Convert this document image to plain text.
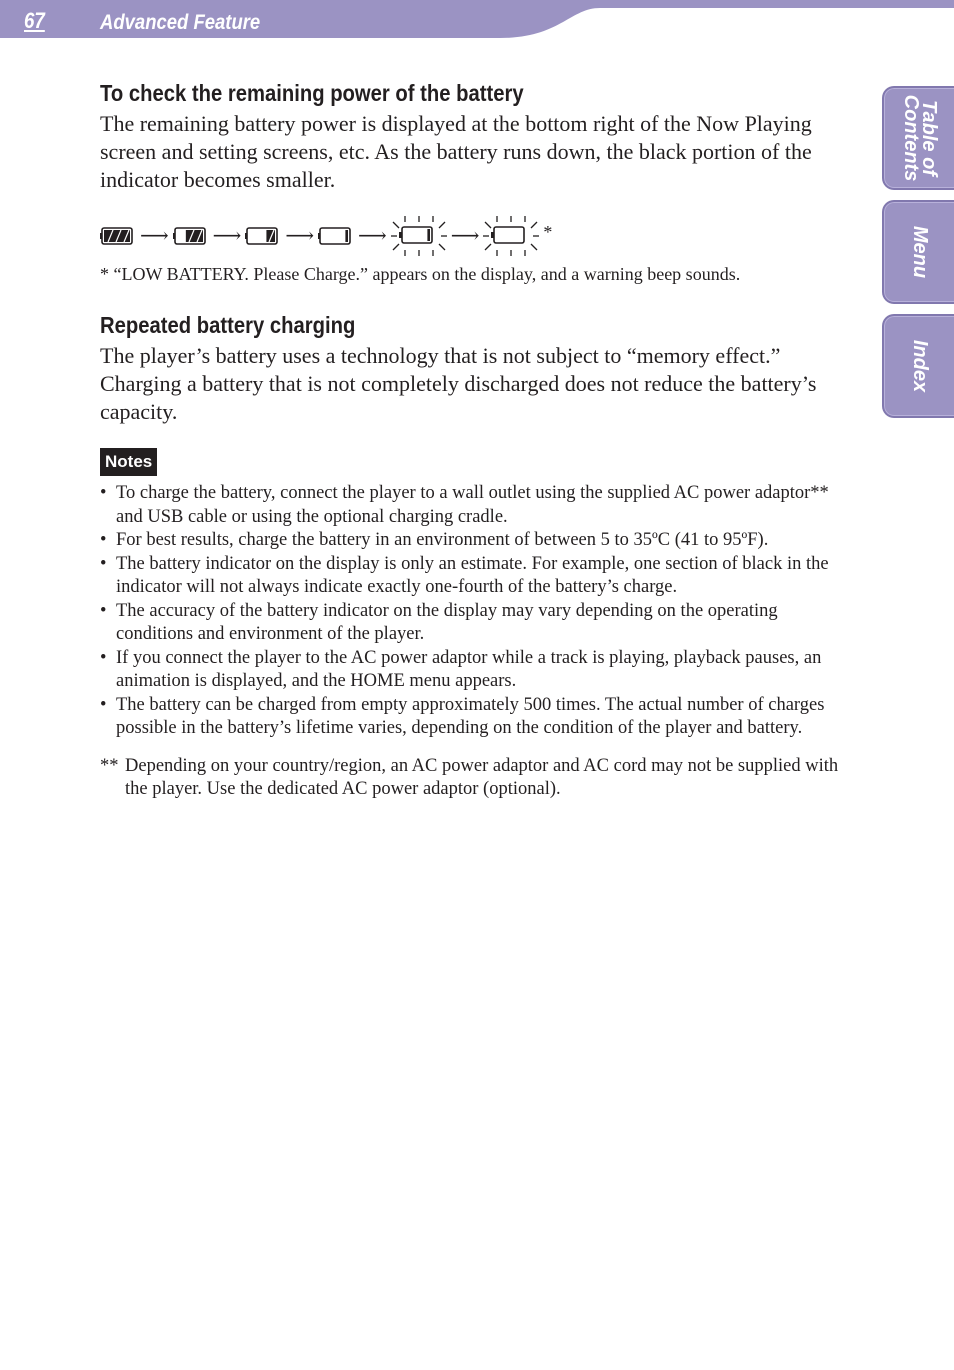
67	Advanced Feature
Table of
Contents
Menu
Index
To check the remaining power of the battery

The remaining battery power is displayed at the bottom right of the Now Playing screen and setting screens, etc. As the battery runs down, the black portion of the indicator becomes smaller.

⟶ ⟶ ⟶ ⟶	⟶	*

* “LOW BATTERY. Please Charge.” appears on the display, and a warning beep sounds.

Repeated battery charging

The player’s battery uses a technology that is not subject to “memory effect.” Charging a battery that is not completely discharged does not reduce the battery’s capacity.

Notes
• To charge the battery, connect the player to a wall outlet using the supplied AC power adaptor** and USB cable or using the optional charging cradle.
• For best results, charge the battery in an environment of between 5 to 35ºC (41 to 95ºF).
• The battery indicator on the display is only an estimate. For example, one section of black in the indicator will not always indicate exactly one-fourth of the battery’s charge.
• The accuracy of the battery indicator on the display may vary depending on the operating conditions and environment of the player.
• If you connect the player to the AC power adaptor while a track is playing, playback pauses, an animation is displayed, and the HOME menu appears.
• The battery can be charged from empty approximately 500 times. The actual number of charges possible in the battery’s lifetime varies, depending on the condition of the player and battery.
** Depending on your country/region, an AC power adaptor and AC cord may not be supplied with the player. Use the dedicated AC power adaptor (optional).
